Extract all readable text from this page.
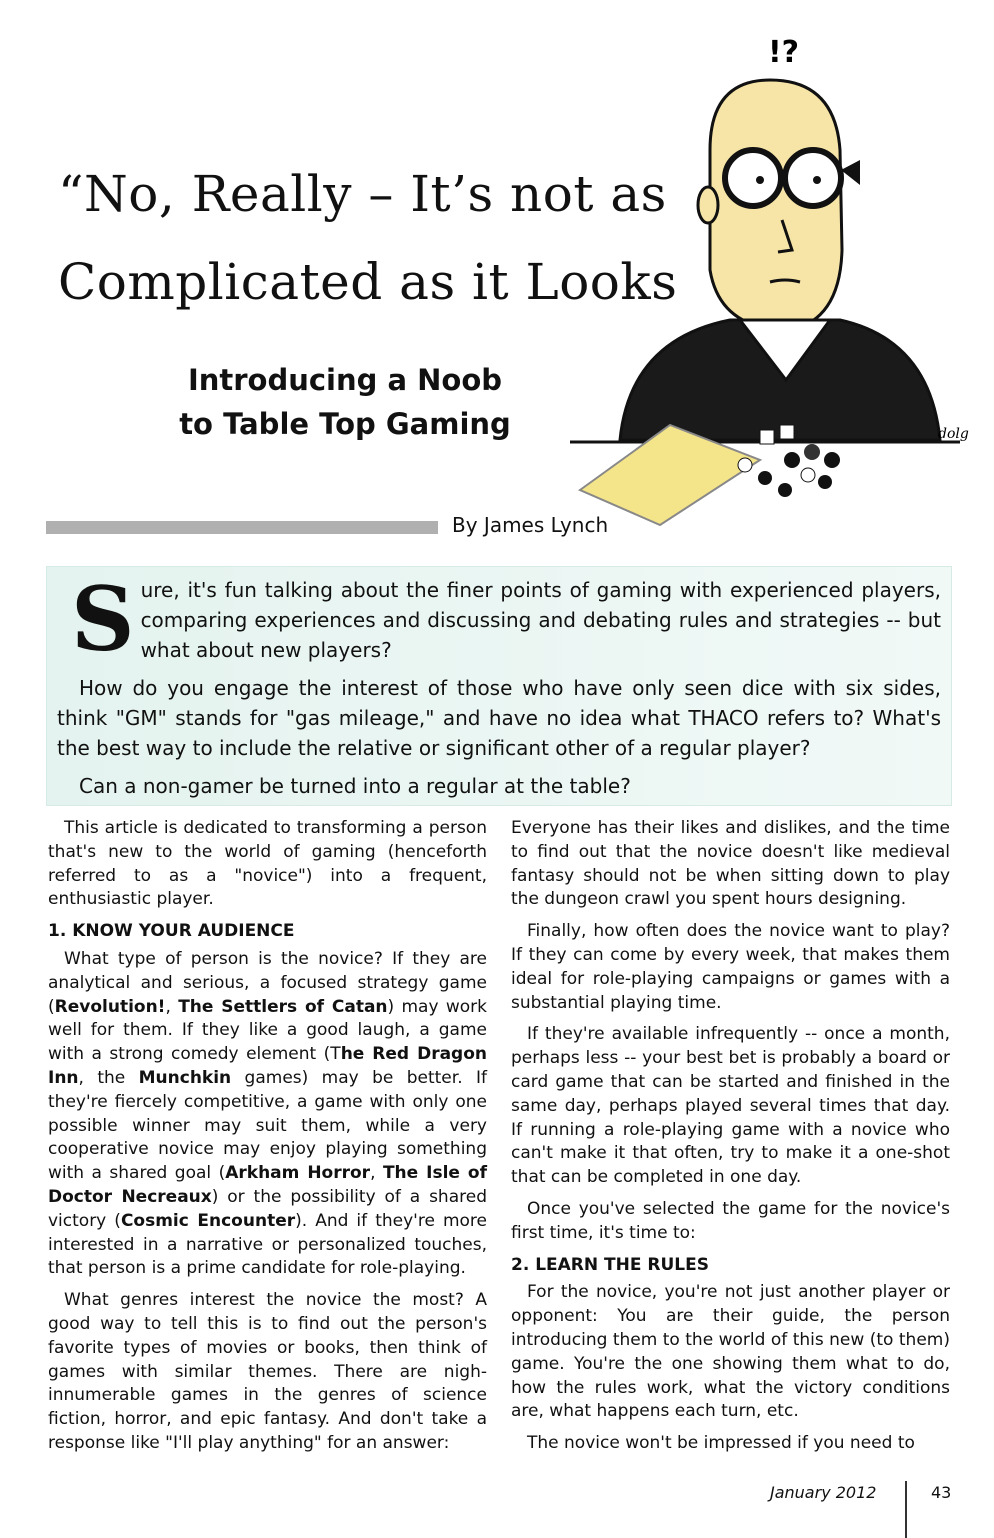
“No, Really – It’s not as
Complicated as it Looks
Introducing a Noob
to Table Top Gaming
!?
dolg
By James Lynch
S ure, it's fun talking about the finer points of gaming with experienced players, comparing experiences and discussing and debating rules and strategies -- but what about new players?

How do you engage the interest of those who have only seen dice with six sides, think "GM" stands for "gas mileage," and have no idea what THACO refers to? What's the best way to include the relative or significant other of a regular player?

Can a non-gamer be turned into a regular at the table?

This article is dedicated to transforming a person that's new to the world of gaming (henceforth referred to as a "novice") into a frequent, enthusiastic player.

1. KNOW YOUR AUDIENCE

What type of person is the novice? If they are analytical and serious, a focused strategy game (Revolution!, The Settlers of Catan) may work well for them. If they like a good laugh, a game with a strong comedy element (The Red Dragon Inn, the Munchkin games) may be better. If they're fiercely competitive, a game with only one possible winner may suit them, while a very cooperative novice may enjoy playing something with a shared goal (Arkham Horror, The Isle of Doctor Necreaux) or the possibility of a shared victory (Cosmic Encounter). And if they're more interested in a narrative or personalized touches, that person is a prime candidate for role-playing.

What genres interest the novice the most? A good way to tell this is to find out the person's favorite types of movies or books, then think of games with similar themes. There are nigh-innumerable games in the genres of science fiction, horror, and epic fantasy. And don't take a response like "I'll play anything" for an answer:

Everyone has their likes and dislikes, and the time to find out that the novice doesn't like medieval fantasy should not be when sitting down to play the dungeon crawl you spent hours designing.

Finally, how often does the novice want to play? If they can come by every week, that makes them ideal for role-playing campaigns or games with a substantial playing time.

If they're available infrequently -- once a month, perhaps less -- your best bet is probably a board or card game that can be started and finished in the same day, perhaps played several times that day. If running a role-playing game with a novice who can't make it that often, try to make it a one-shot that can be completed in one day.

Once you've selected the game for the novice's first time, it's time to:

2. LEARN THE RULES

For the novice, you're not just another player or opponent: You are their guide, the person introducing them to the world of this new (to them) game. You're the one showing them what to do, how the rules work, what the victory conditions are, what happens each turn, etc.

The novice won't be impressed if you need to

January 2012	43
